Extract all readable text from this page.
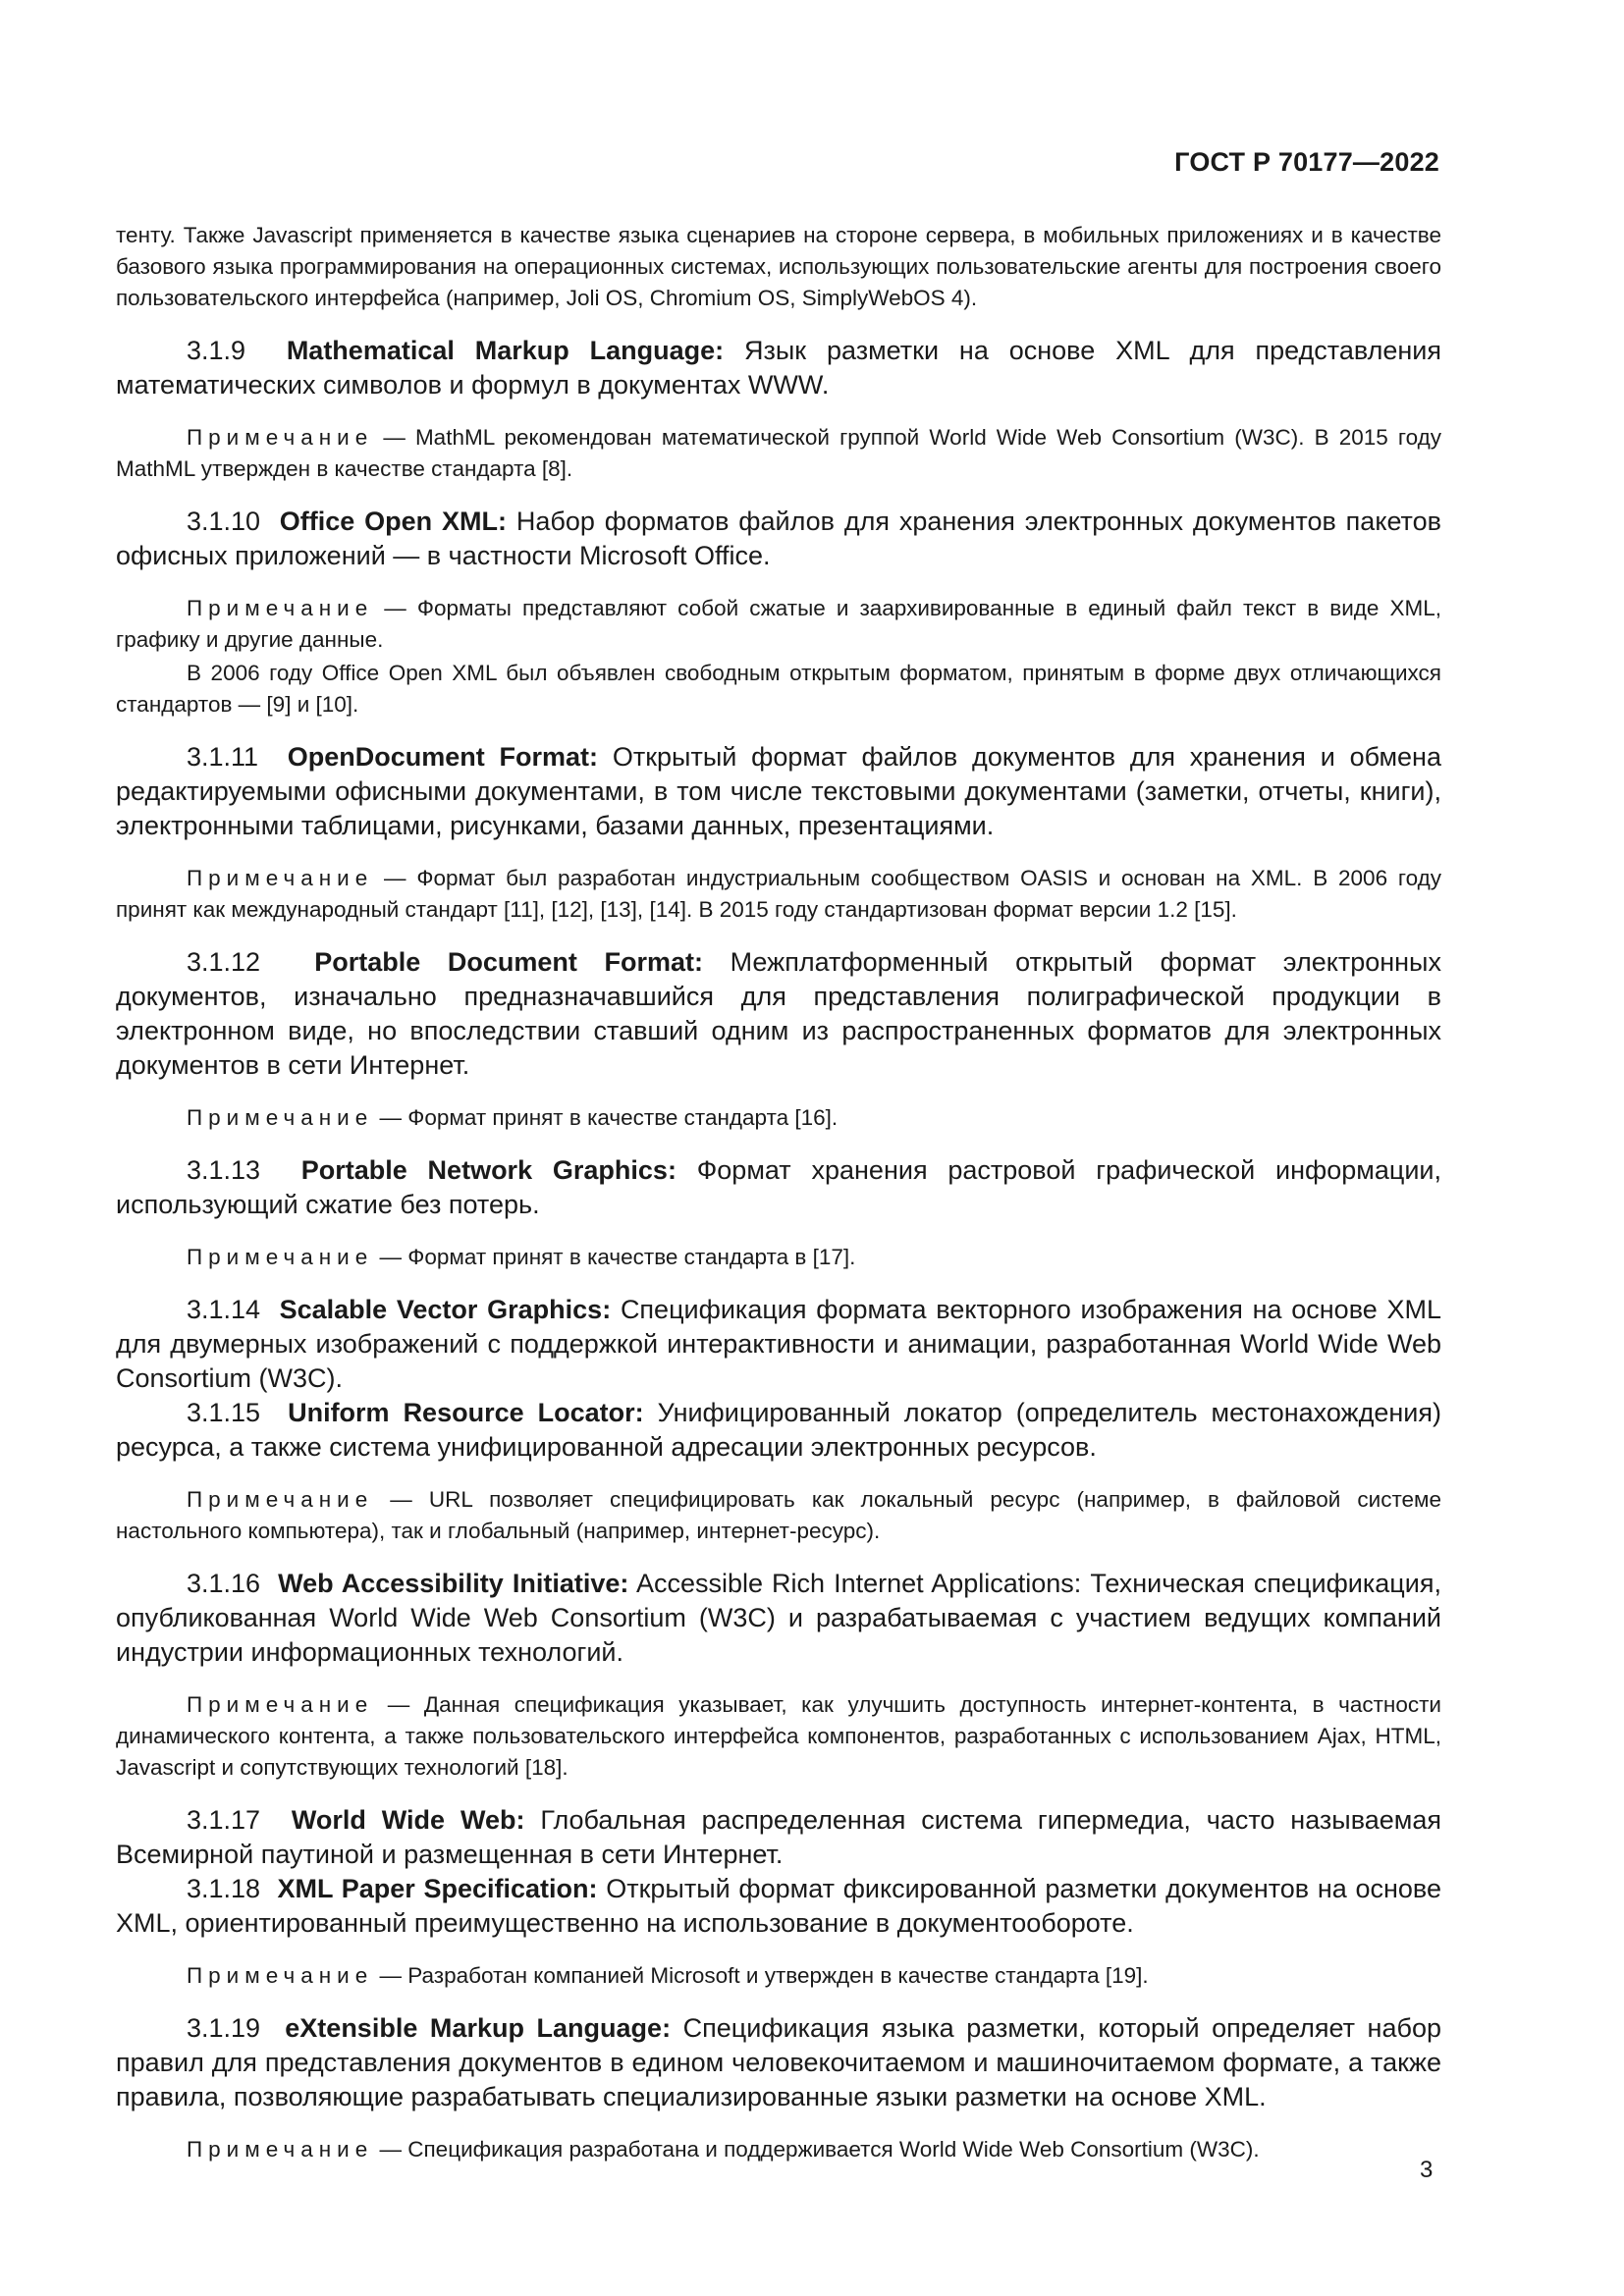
ГОСТ Р 70177—2022

тенту. Также Javascript применяется в качестве языка сценариев на стороне сервера, в мобильных приложениях и в качестве базового языка программирования на операционных системах, использующих пользовательские агенты для построения своего пользовательского интерфейса (например, Joli OS, Chromium OS, SimplyWebOS 4).

3.1.9 Mathematical Markup Language: Язык разметки на основе XML для представления математических символов и формул в документах WWW.

Примечание — MathML рекомендован математической группой World Wide Web Consortium (W3C). В 2015 году MathML утвержден в качестве стандарта [8].

3.1.10 Office Open XML: Набор форматов файлов для хранения электронных документов пакетов офисных приложений — в частности Microsoft Office.

Примечание — Форматы представляют собой сжатые и заархивированные в единый файл текст в виде XML, графику и другие данные.

В 2006 году Office Open XML был объявлен свободным открытым форматом, принятым в форме двух отличающихся стандартов — [9] и [10].

3.1.11 OpenDocument Format: Открытый формат файлов документов для хранения и обмена редактируемыми офисными документами, в том числе текстовыми документами (заметки, отчеты, книги), электронными таблицами, рисунками, базами данных, презентациями.

Примечание — Формат был разработан индустриальным сообществом OASIS и основан на XML. В 2006 году принят как международный стандарт [11], [12], [13], [14]. В 2015 году стандартизован формат версии 1.2 [15].

3.1.12 Portable Document Format: Межплатформенный открытый формат электронных документов, изначально предназначавшийся для представления полиграфической продукции в электронном виде, но впоследствии ставший одним из распространенных форматов для электронных документов в сети Интернет.

Примечание — Формат принят в качестве стандарта [16].

3.1.13 Portable Network Graphics: Формат хранения растровой графической информации, использующий сжатие без потерь.

Примечание — Формат принят в качестве стандарта в [17].

3.1.14 Scalable Vector Graphics: Спецификация формата векторного изображения на основе XML для двумерных изображений с поддержкой интерактивности и анимации, разработанная World Wide Web Consortium (W3C).

3.1.15 Uniform Resource Locator: Унифицированный локатор (определитель местонахождения) ресурса, а также система унифицированной адресации электронных ресурсов.

Примечание — URL позволяет специфицировать как локальный ресурс (например, в файловой системе настольного компьютера), так и глобальный (например, интернет-ресурс).

3.1.16 Web Accessibility Initiative: Accessible Rich Internet Applications: Техническая спецификация, опубликованная World Wide Web Consortium (W3C) и разрабатываемая с участием ведущих компаний индустрии информационных технологий.

Примечание — Данная спецификация указывает, как улучшить доступность интернет-контента, в частности динамического контента, а также пользовательского интерфейса компонентов, разработанных с использованием Ajax, HTML, Javascript и сопутствующих технологий [18].

3.1.17 World Wide Web: Глобальная распределенная система гипермедиа, часто называемая Всемирной паутиной и размещенная в сети Интернет.

3.1.18 XML Paper Specification: Открытый формат фиксированной разметки документов на основе XML, ориентированный преимущественно на использование в документообороте.

Примечание — Разработан компанией Microsoft и утвержден в качестве стандарта [19].

3.1.19 eXtensible Markup Language: Спецификация языка разметки, который определяет набор правил для представления документов в едином человекочитаемом и машиночитаемом формате, а также правила, позволяющие разрабатывать специализированные языки разметки на основе XML.

Примечание — Спецификация разработана и поддерживается World Wide Web Consortium (W3C).

3
